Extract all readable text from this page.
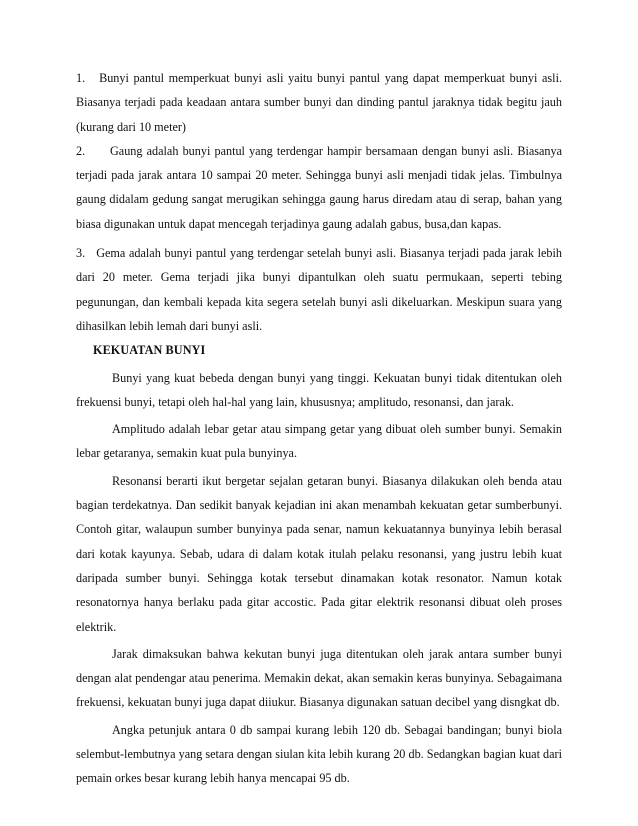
1. Bunyi pantul memperkuat bunyi asli yaitu bunyi pantul yang dapat memperkuat bunyi asli. Biasanya terjadi pada keadaan antara sumber bunyi dan dinding pantul jaraknya tidak begitu jauh (kurang dari 10 meter)

2. Gaung adalah bunyi pantul yang terdengar hampir bersamaan dengan bunyi asli. Biasanya terjadi pada jarak antara 10 sampai 20 meter. Sehingga bunyi asli menjadi tidak jelas. Timbulnya gaung didalam gedung sangat merugikan sehingga gaung harus diredam atau di serap, bahan yang biasa digunakan untuk dapat mencegah terjadinya gaung adalah gabus, busa,dan kapas.

3. Gema adalah bunyi pantul yang terdengar setelah bunyi asli. Biasanya terjadi pada jarak lebih dari 20 meter. Gema terjadi jika bunyi dipantulkan oleh suatu permukaan, seperti tebing pegunungan, dan kembali kepada kita segera setelah bunyi asli dikeluarkan. Meskipun suara yang dihasilkan lebih lemah dari bunyi asli.

KEKUATAN BUNYI

Bunyi yang kuat bebeda dengan bunyi yang tinggi. Kekuatan bunyi tidak ditentukan oleh frekuensi bunyi, tetapi oleh hal-hal yang lain, khususnya; amplitudo, resonansi, dan jarak.

Amplitudo adalah lebar getar atau simpang getar yang dibuat oleh sumber bunyi. Semakin lebar getaranya, semakin kuat pula bunyinya.

Resonansi berarti ikut bergetar sejalan getaran bunyi. Biasanya dilakukan oleh benda atau bagian terdekatnya. Dan sedikit banyak kejadian ini akan menambah kekuatan getar sumberbunyi. Contoh gitar, walaupun sumber bunyinya pada senar, namun kekuatannya bunyinya lebih berasal dari kotak kayunya. Sebab, udara di dalam kotak itulah pelaku resonansi, yang justru lebih kuat daripada sumber bunyi. Sehingga kotak tersebut dinamakan kotak resonator. Namun kotak resonatornya hanya berlaku pada gitar accostic. Pada gitar elektrik resonansi dibuat oleh proses elektrik.

Jarak dimaksukan bahwa kekutan bunyi juga ditentukan oleh jarak antara sumber bunyi dengan alat pendengar atau penerima. Memakin dekat, akan semakin keras bunyinya. Sebagaimana frekuensi, kekuatan bunyi juga dapat diiukur. Biasanya digunakan satuan decibel yang disngkat db.

Angka petunjuk antara 0 db sampai kurang lebih 120 db. Sebagai bandingan; bunyi biola selembut-lembutnya yang setara dengan siulan kita lebih kurang 20 db. Sedangkan bagian kuat dari pemain orkes besar kurang lebih hanya mencapai 95 db.
